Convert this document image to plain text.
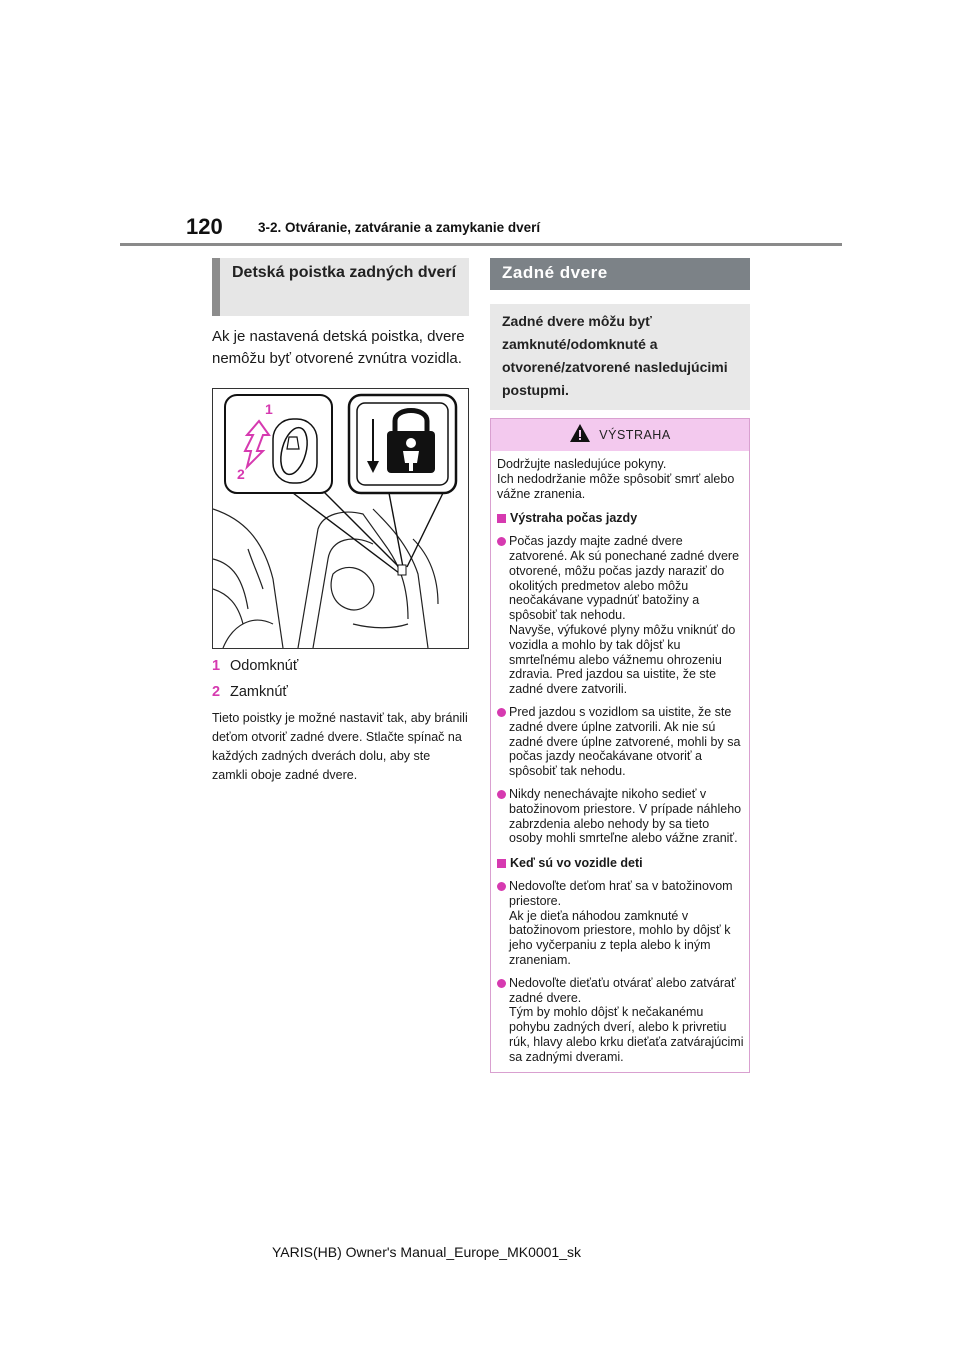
120	3-2. Otváranie, zatváranie a zamykanie dverí
Detská poistka zadných dverí
Ak je nastavená detská poistka, dvere nemôžu byť otvorené zvnútra vozidla.
1
2
1 Odomknúť
2 Zamknúť
Tieto poistky je možné nastaviť tak, aby bránili deťom otvoriť zadné dvere. Stlačte spínač na každých zadných dverách dolu, aby ste zamkli oboje zadné dvere.
Zadné dvere
Zadné dvere môžu byť zamknuté/odomknuté a otvorené/zatvorené nasledujúcimi postupmi.
VÝSTRAHA
Dodržujte nasledujúce pokyny.
Ich nedodržanie môže spôsobiť smrť alebo vážne zranenia.
Výstraha počas jazdy
Počas jazdy majte zadné dvere zatvorené. Ak sú ponechané zadné dvere otvorené, môžu počas jazdy naraziť do okolitých predmetov alebo môžu neočakávane vypadnúť batožiny a spôsobiť tak nehodu.
Navyše, výfukové plyny môžu vniknúť do vozidla a mohlo by tak dôjsť ku smrteľnému alebo vážnemu ohrozeniu zdravia. Pred jazdou sa uistite, že ste zadné dvere zatvorili.
Pred jazdou s vozidlom sa uistite, že ste zadné dvere úplne zatvorili. Ak nie sú zadné dvere úplne zatvorené, mohli by sa počas jazdy neočakávane otvoriť a spôsobiť tak nehodu.
Nikdy nenechávajte nikoho sedieť v batožinovom priestore. V prípade náhleho zabrzdenia alebo nehody by sa tieto osoby mohli smrteľne alebo vážne zraniť.
Keď sú vo vozidle deti
Nedovoľte deťom hrať sa v batožinovom priestore.
Ak je dieťa náhodou zamknuté v batožinovom priestore, mohlo by dôjsť k jeho vyčerpaniu z tepla alebo k iným zraneniam.
Nedovoľte dieťaťu otvárať alebo zatvárať zadné dvere.
Tým by mohlo dôjsť k nečakanému pohybu zadných dverí, alebo k privretiu rúk, hlavy alebo krku dieťaťa zatvárajúcimi sa zadnými dverami.
YARIS(HB) Owner's Manual_Europe_MK0001_sk
